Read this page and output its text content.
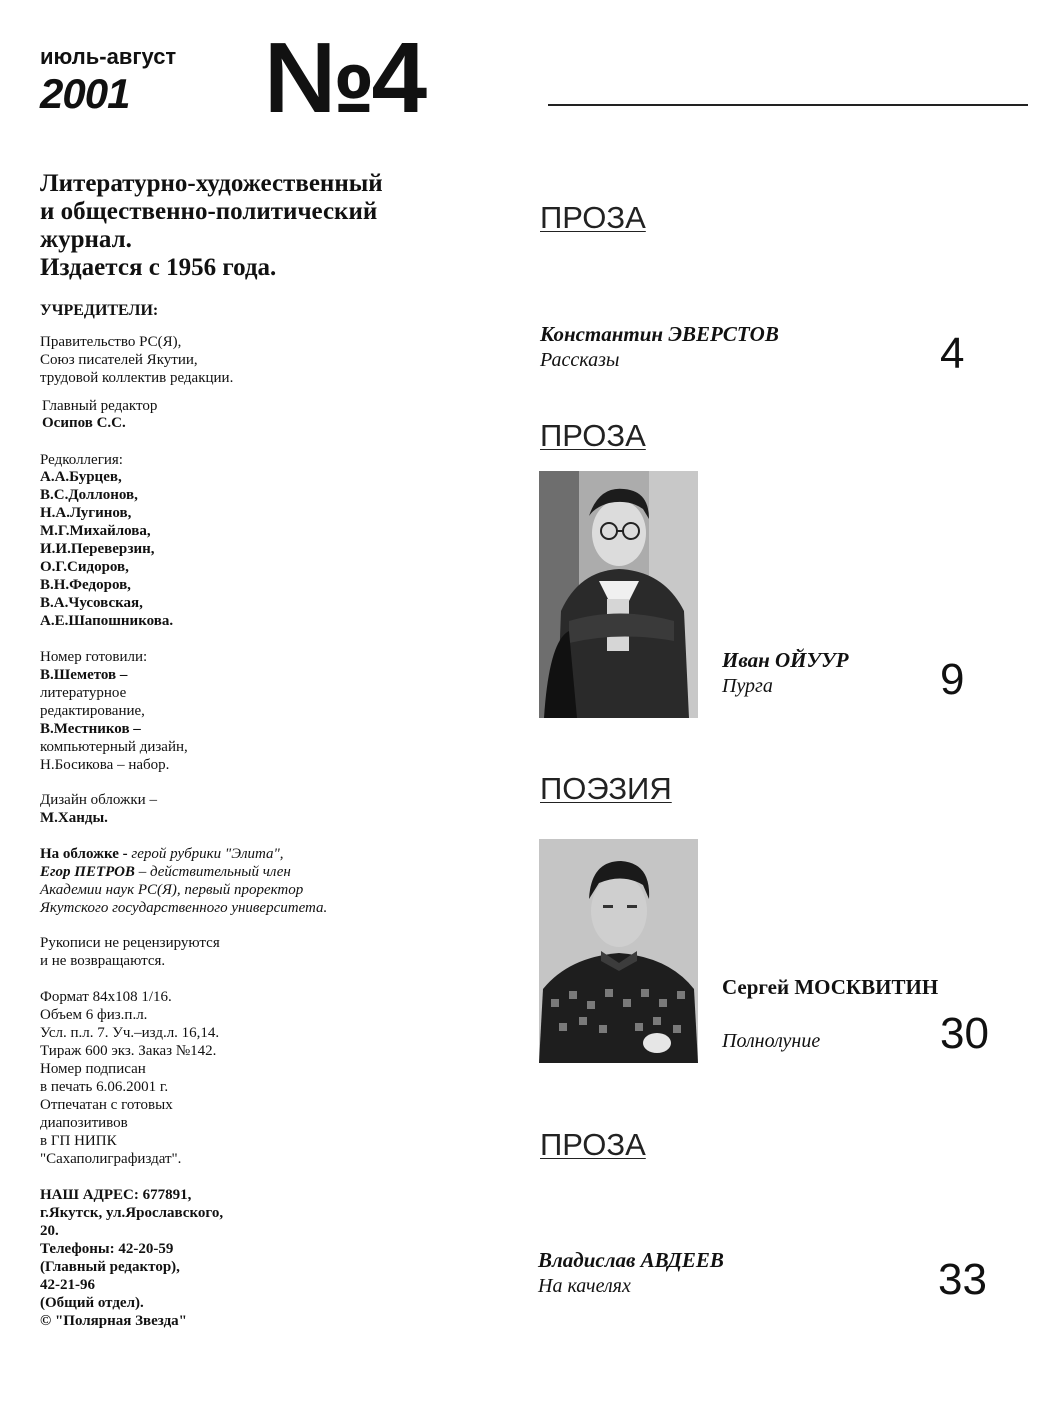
июль-август
2001 №4
Литературно-художественный
и общественно-политический
журнал.
Издается с 1956 года.
УЧРЕДИТЕЛИ:
Правительство РС(Я),
Союз писателей Якутии,
трудовой коллектив редакции.
Главный редактор
Осипов С.С.
Редколлегия:
А.А.Бурцев,
В.С.Доллонов,
Н.А.Лугинов,
М.Г.Михайлова,
И.И.Переверзин,
О.Г.Сидоров,
В.Н.Федоров,
В.А.Чусовская,
А.Е.Шапошникова.
Номер готовили:
В.Шеметов –
литературное
редактирование,
В.Местников –
компьютерный дизайн,
Н.Босикова – набор.
Дизайн обложки –
М.Ханды.
На обложке - герой рубрики "Элита",
Егор ПЕТРОВ – действительный член
Академии наук РС(Я), первый проректор
Якутского государственного университета.
Рукописи не рецензируются
и не возвращаются.
Формат 84х108 1/16.
Объем 6 физ.п.л.
Усл. п.л. 7. Уч.–изд.л. 16,14.
Тираж 600 экз. Заказ №142.
Номер подписан
в печать 6.06.2001 г.
Отпечатан с готовых
диапозитивов
в ГП НИПК
"Сахаполиграфиздат".
НАШ АДРЕС: 677891,
г.Якутск, ул.Ярославского,
20.
Телефоны: 42-20-59
(Главный редактор),
42-21-96
(Общий отдел).
© "Полярная Звезда"
ПРОЗА
Константин ЭВЕРСТОВ
Рассказы	4
ПРОЗА
Иван ОЙУУР
Пурга	9
ПОЭЗИЯ
Сергей МОСКВИТИН
Полнолуние	30
ПРОЗА
Владислав АВДЕЕВ
На качелях	33
